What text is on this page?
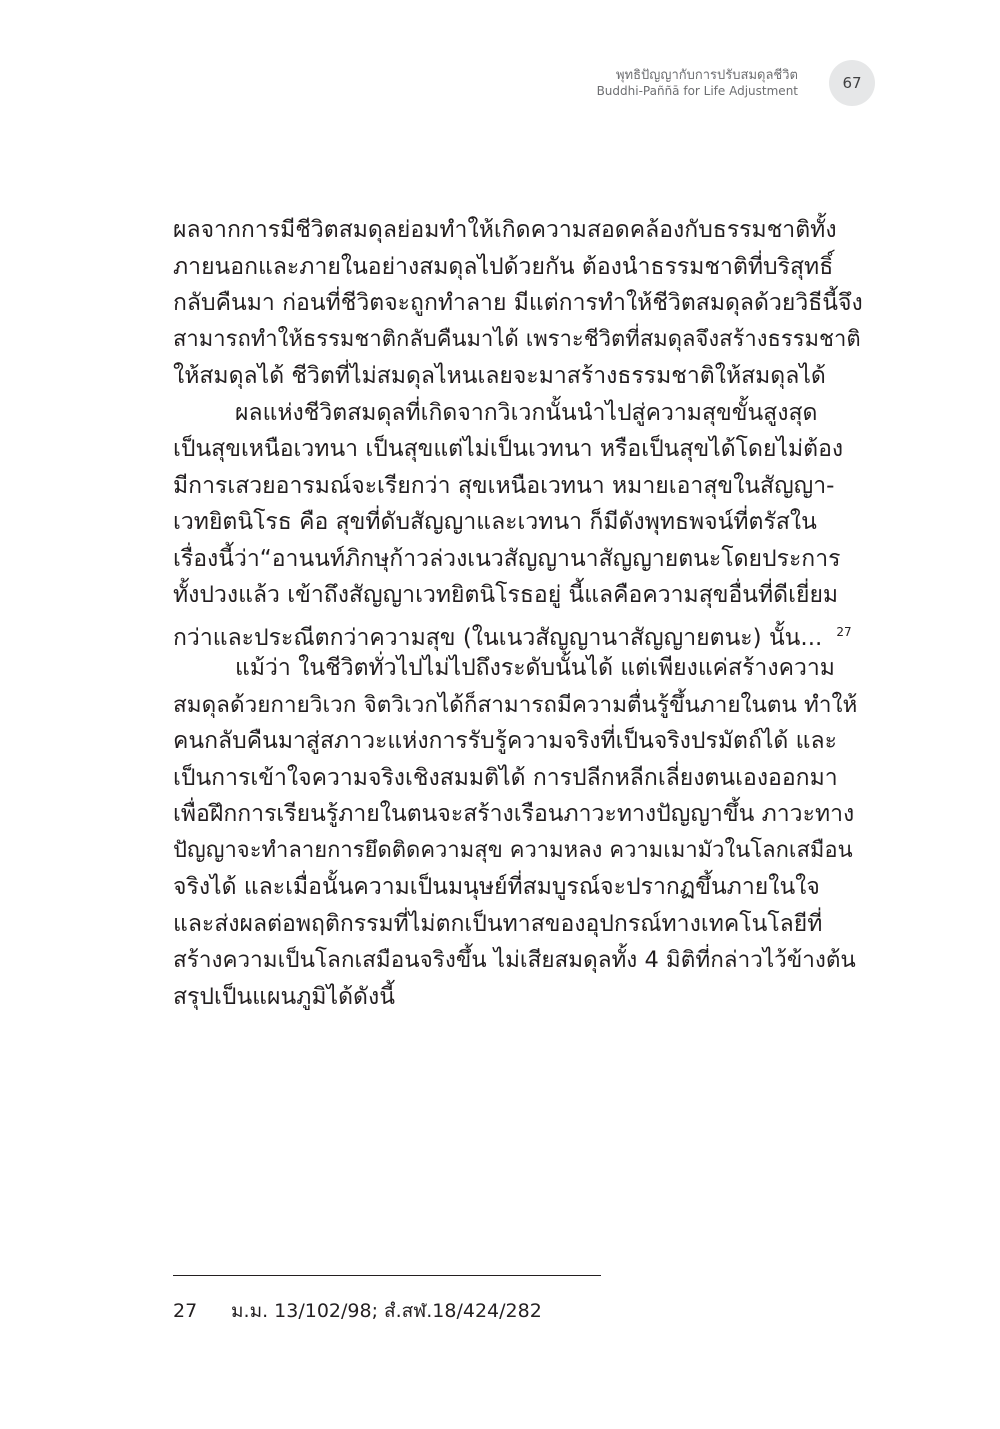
พุทธิปัญญากับการปรับสมดุลชีวิต
Buddhi-Paññā for Life Adjustment	67
ผลจากการมีชีวิตสมดุลย่อมทำให้เกิดความสอดคล้องกับธรรมชาติทั้ง
ภายนอกและภายในอย่างสมดุลไปด้วยกัน ต้องนำธรรมชาติที่บริสุทธิ์
กลับคืนมา ก่อนที่ชีวิตจะถูกทำลาย มีแต่การทำให้ชีวิตสมดุลด้วยวิธีนี้จึง
สามารถทำให้ธรรมชาติกลับคืนมาได้ เพราะชีวิตที่สมดุลจึงสร้างธรรมชาติ
ให้สมดุลได้ ชีวิตที่ไม่สมดุลไหนเลยจะมาสร้างธรรมชาติให้สมดุลได้
ผลแห่งชีวิตสมดุลที่เกิดจากวิเวกนั้นนำไปสู่ความสุขขั้นสูงสุด
เป็นสุขเหนือเวทนา เป็นสุขแต่ไม่เป็นเวทนา หรือเป็นสุขได้โดยไม่ต้อง
มีการเสวยอารมณ์จะเรียกว่า สุขเหนือเวทนา หมายเอาสุขในสัญญา-
เวทยิตนิโรธ คือ สุขที่ดับสัญญาและเวทนา ก็มีดังพุทธพจน์ที่ตรัสใน
เรื่องนี้ว่า“อานนท์ภิกษุก้าวล่วงเนวสัญญานาสัญญายตนะโดยประการ
ทั้งปวงแล้ว เข้าถึงสัญญาเวทยิตนิโรธอยู่ นี้แลคือความสุขอื่นที่ดีเยี่ยม
กว่าและประณีตกว่าความสุข (ในเนวสัญญานาสัญญายตนะ) นั้น... $^{27}$
แม้ว่า ในชีวิตทั่วไปไม่ไปถึงระดับนั้นได้ แต่เพียงแค่สร้างความ
สมดุลด้วยกายวิเวก จิตวิเวกได้ก็สามารถมีความตื่นรู้ขึ้นภายในตน ทำให้
คนกลับคืนมาสู่สภาวะแห่งการรับรู้ความจริงที่เป็นจริงปรมัตถ์ได้ และ
เป็นการเข้าใจความจริงเชิงสมมติได้ การปลีกหลีกเลี่ยงตนเองออกมา
เพื่อฝึกการเรียนรู้ภายในตนจะสร้างเรือนภาวะทางปัญญาขึ้น ภาวะทาง
ปัญญาจะทำลายการยึดติดความสุข ความหลง ความเมามัวในโลกเสมือน
จริงได้ และเมื่อนั้นความเป็นมนุษย์ที่สมบูรณ์จะปรากฏขึ้นภายในใจ
และส่งผลต่อพฤติกรรมที่ไม่ตกเป็นทาสของอุปกรณ์ทางเทคโนโลยีที่
สร้างความเป็นโลกเสมือนจริงขึ้น ไม่เสียสมดุลทั้ง 4 มิติที่กล่าวไว้ข้างต้น
สรุปเป็นแผนภูมิได้ดังนี้
27 ม.ม. 13/102/98; สํ.สฬ.18/424/282
